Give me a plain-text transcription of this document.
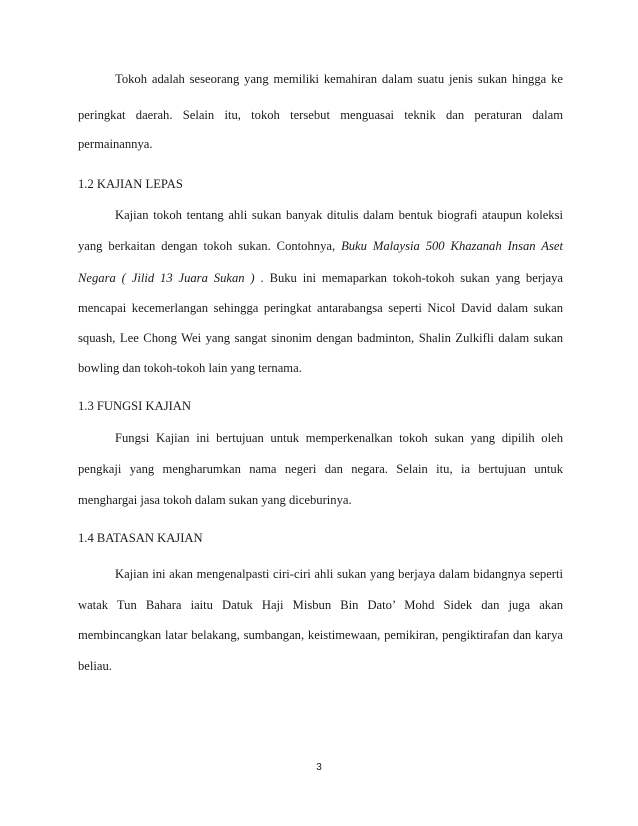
Tokoh adalah seseorang yang memiliki kemahiran dalam suatu jenis sukan hingga ke
peringkat daerah. Selain itu, tokoh tersebut menguasai teknik dan peraturan dalam
permainannya.
1.2 KAJIAN LEPAS
Kajian tokoh tentang ahli sukan banyak ditulis dalam bentuk biografi ataupun koleksi
yang berkaitan dengan tokoh sukan. Contohnya, Buku Malaysia 500 Khazanah Insan Aset
Negara ( Jilid 13 Juara Sukan ) . Buku ini memaparkan tokoh-tokoh sukan yang berjaya
mencapai kecemerlangan sehingga peringkat antarabangsa seperti Nicol David dalam sukan
squash, Lee Chong Wei yang sangat sinonim dengan badminton, Shalin Zulkifli dalam sukan
bowling dan tokoh-tokoh lain yang ternama.
1.3 FUNGSI KAJIAN
Fungsi Kajian ini bertujuan untuk memperkenalkan tokoh sukan yang dipilih oleh
pengkaji yang mengharumkan nama negeri dan negara. Selain itu, ia bertujuan untuk
menghargai jasa tokoh dalam sukan yang diceburinya.
1.4 BATASAN KAJIAN
Kajian ini akan mengenalpasti ciri-ciri ahli sukan yang berjaya dalam bidangnya seperti
watak Tun Bahara iaitu Datuk Haji Misbun Bin Dato’ Mohd Sidek dan juga akan
membincangkan latar belakang, sumbangan, keistimewaan, pemikiran, pengiktirafan dan karya
beliau.
3
